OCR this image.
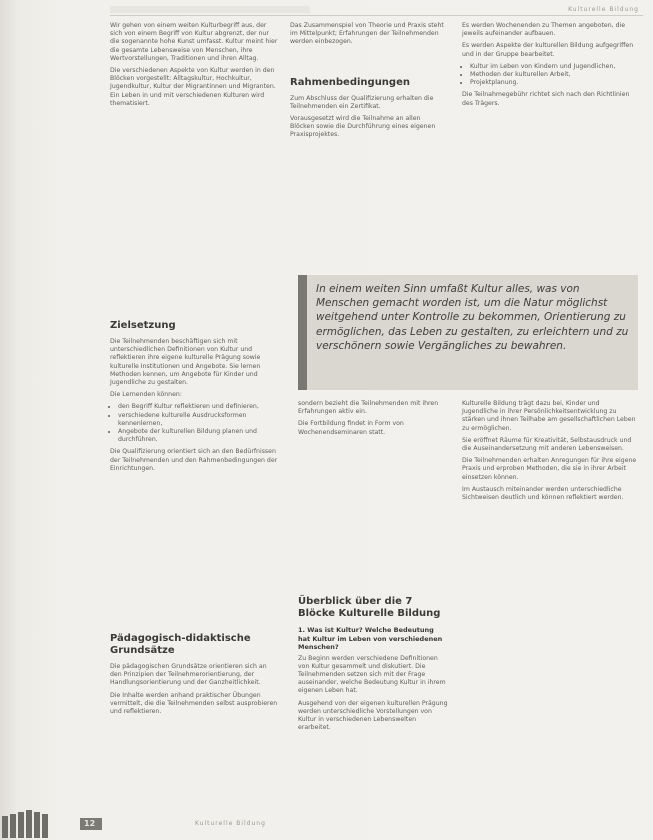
Kulturelle Bildung

Wir gehen von einem weiten Kulturbegriff aus, der sich von einem Begriff von Kultur abgrenzt, der nur die sogenannte hohe Kunst umfasst. Kultur meint hier die gesamte Lebensweise von Menschen, ihre Wertvorstellungen, Traditionen und ihren Alltag.

Die verschiedenen Aspekte von Kultur werden in den Blöcken vorgestellt: Alltagskultur, Hochkultur, Jugendkultur, Kultur der Migrantinnen und Migranten. Ein Leben in und mit verschiedenen Kulturen wird thematisiert.

Zielsetzung

Die Teilnehmenden beschäftigen sich mit unterschiedlichen Definitionen von Kultur und reflektieren ihre eigene kulturelle Prägung sowie kulturelle Institutionen und Angebote. Sie lernen Methoden kennen, um Angebote für Kinder und Jugendliche zu gestalten.

Die Lernenden können:

• den Begriff Kultur reflektieren und definieren,
• verschiedene kulturelle Ausdrucksformen kennenlernen,
• Angebote der kulturellen Bildung planen und durchführen.

Die Qualifizierung orientiert sich an den Bedürfnissen der Teilnehmenden und den Rahmenbedingungen der Einrichtungen.

Pädagogisch-didaktische Grundsätze

Die pädagogischen Grundsätze orientieren sich an den Prinzipien der Teilnehmerorientierung, der Handlungsorientierung und der Ganzheitlichkeit.

Die Inhalte werden anhand praktischer Übungen vermittelt, die die Teilnehmenden selbst ausprobieren und reflektieren.

Das Zusammenspiel von Theorie und Praxis steht im Mittelpunkt; Erfahrungen der Teilnehmenden werden einbezogen.

Rahmenbedingungen

Zum Abschluss der Qualifizierung erhalten die Teilnehmenden ein Zertifikat.

Vorausgesetzt wird die Teilnahme an allen Blöcken sowie die Durchführung eines eigenen Praxisprojektes.

sondern bezieht die Teilnehmenden mit ihren Erfahrungen aktiv ein.

Die Fortbildung findet in Form von Wochenendseminaren statt.

Überblick über die 7 Blöcke Kulturelle Bildung
1. Was ist Kultur? Welche Bedeutung hat Kultur im Leben von verschiedenen Menschen?

Zu Beginn werden verschiedene Definitionen von Kultur gesammelt und diskutiert. Die Teilnehmenden setzen sich mit der Frage auseinander, welche Bedeutung Kultur in ihrem eigenen Leben hat.

Ausgehend von der eigenen kulturellen Prägung werden unterschiedliche Vorstellungen von Kultur in verschiedenen Lebenswelten erarbeitet.

Es werden Wochenenden zu Themen angeboten, die jeweils aufeinander aufbauen.

Es werden Aspekte der kulturellen Bildung aufgegriffen und in der Gruppe bearbeitet.

• Kultur im Leben von Kindern und Jugendlichen,
• Methoden der kulturellen Arbeit,
• Projektplanung.

Die Teilnahmegebühr richtet sich nach den Richtlinien des Trägers.

Kulturelle Bildung trägt dazu bei, Kinder und Jugendliche in ihrer Persönlichkeitsentwicklung zu stärken und ihnen Teilhabe am gesellschaftlichen Leben zu ermöglichen.

Sie eröffnet Räume für Kreativität, Selbstausdruck und die Auseinandersetzung mit anderen Lebensweisen.

Die Teilnehmenden erhalten Anregungen für ihre eigene Praxis und erproben Methoden, die sie in ihrer Arbeit einsetzen können.

Im Austausch miteinander werden unterschiedliche Sichtweisen deutlich und können reflektiert werden.

In einem weiten Sinn umfaßt Kultur alles, was von Menschen gemacht worden ist, um die Natur möglichst weitgehend unter Kontrolle zu bekommen, Orientierung zu ermöglichen, das Leben zu gestalten, zu erleichtern und zu verschönern sowie Vergängliches zu bewahren.
12	Kulturelle Bildung
